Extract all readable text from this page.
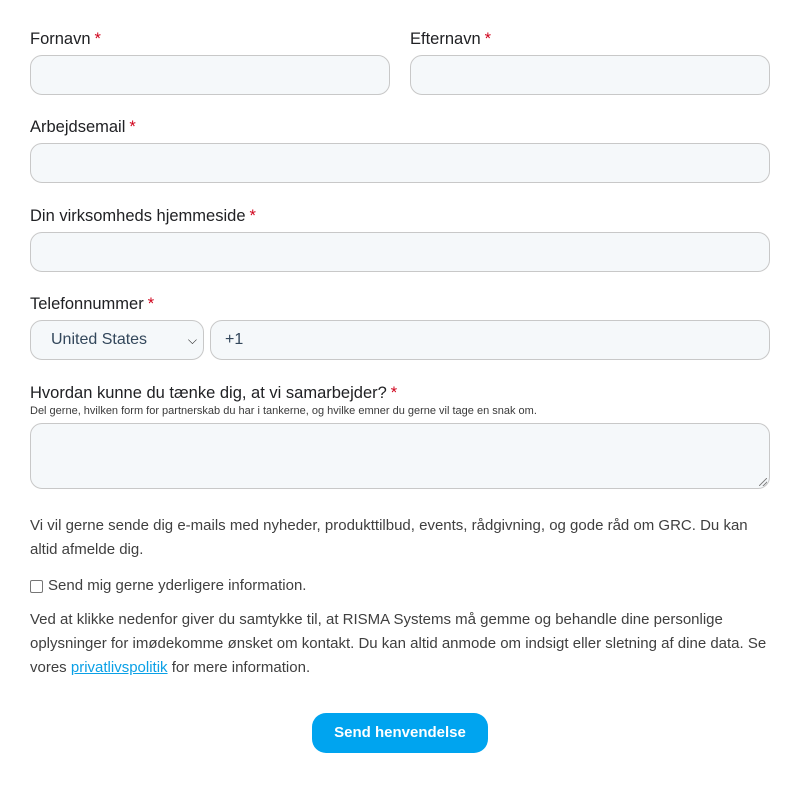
Fornavn *	Efternavn *
Arbejdsemail *
Din virksomheds hjemmeside *
Telefonnummer *
United States	⌵
+1
Hvordan kunne du tænke dig, at vi samarbejder? *
Del gerne, hvilken form for partnerskab du har i tankerne, og hvilke emner du gerne vil tage en snak om.

Vi vil gerne sende dig e-mails med nyheder, produkttilbud, events, rådgivning, og gode råd om GRC. Du kan altid afmelde dig.

Send mig gerne yderligere information.

Ved at klikke nedenfor giver du samtykke til, at RISMA Systems må gemme og behandle dine personlige oplysninger for imødekomme ønsket om kontakt. Du kan altid anmode om indsigt eller sletning af dine data. Se vores privatlivspolitik for mere information.

Send henvendelse
